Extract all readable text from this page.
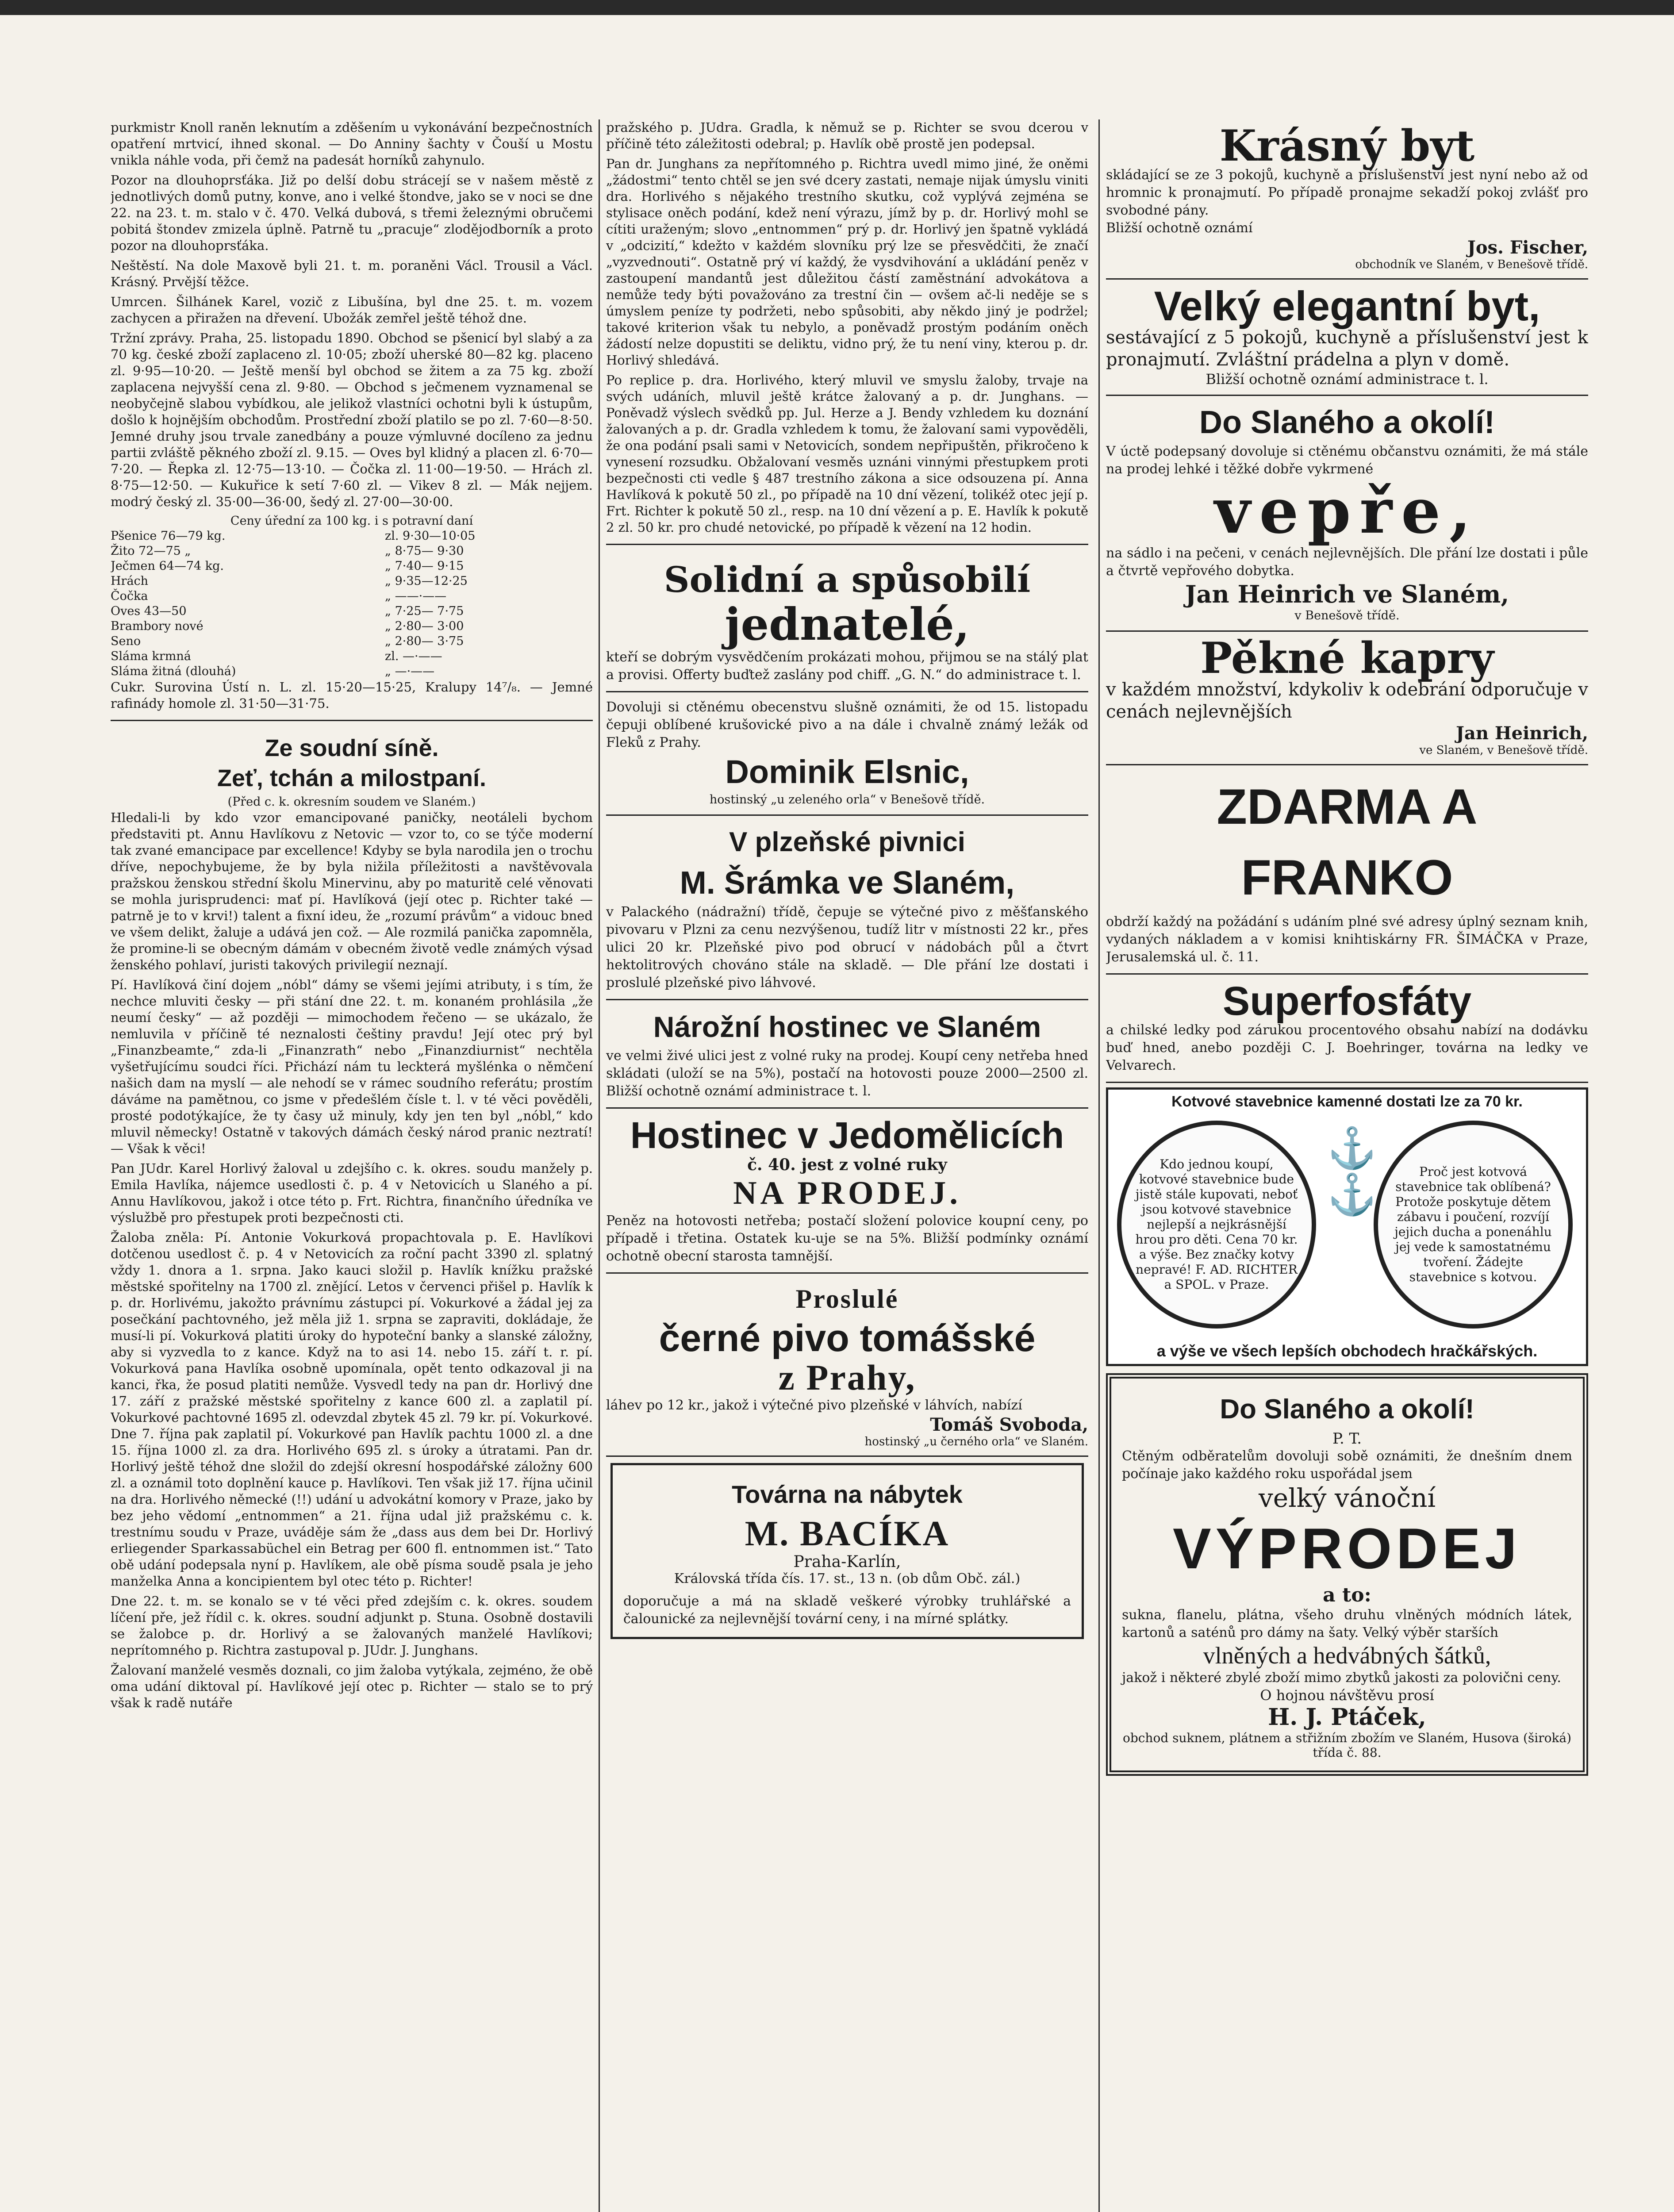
purkmistr Knoll raněn leknutím a zděšením u vykonávání bezpečnostních opatření mrtvicí, ihned skonal. — Do Anniny šachty v Čouší u Mostu vnikla náhle voda, při čemž na padesát horníků zahynulo.

Pozor na dlouhoprsťáka. Již po delší dobu strácejí se v našem městě z jednotlivých domů putny, konve, ano i velké štondve, jako se v noci se dne 22. na 23. t. m. stalo v č. 470. Velká dubová, s třemi železnými obručemi pobitá štondev zmizela úplně. Patrně tu „pracuje“ zlodějodborník a proto pozor na dlouhoprsťáka.

Neštěstí. Na dole Maxově byli 21. t. m. poraněni Václ. Trousil a Václ. Krásný. Prvější těžce.

Umrcen. Šilhánek Karel, vozič z Libušína, byl dne 25. t. m. vozem zachycen a přiražen na dřevení. Ubožák zemřel ještě téhož dne.

Tržní zprávy. Praha, 25. listopadu 1890. Obchod se pšenicí byl slabý a za 70 kg. české zboží zaplaceno zl. 10·05; zboží uherské 80—82 kg. placeno zl. 9·95—10·20. — Ještě menší byl obchod se žitem a za 75 kg. zboží zaplacena nejvyšší cena zl. 9·80. — Obchod s ječmenem vyznamenal se neobyčejně slabou vybídkou, ale jelikož vlastníci ochotni byli k ústupům, došlo k hojnějším obchodům. Prostřední zboží platilo se po zl. 7·60—8·50. Jemné druhy jsou trvale zanedbány a pouze výmluvné docílenо za jednu partii zvláště pěkného zboží zl. 9.15. — Oves byl klidný a placen zl. 6·70—7·20. — Řepka zl. 12·75—13·10. — Čočka zl. 11·00—19·50. — Hrách zl. 8·75—12·50. — Kukuřice k setí 7·60 zl. — Vikev 8 zl. — Mák nejjem. modrý český zl. 35·00—36·00, šedý zl. 27·00—30·00.

Ceny úřední za 100 kg. i s potravní daní
Pšenice 76—79 kg.	zl. 9·30—10·05
Žito 72—75 „	„ 8·75— 9·30
Ječmen 64—74 kg.	„ 7·40— 9·15
Hrách	„ 9·35—12·25
Čočka	„ ——·——
Oves 43—50	„ 7·25— 7·75
Brambory nové	„ 2·80— 3·00
Seno	„ 2·80— 3·75
Sláma krmná	zl. —·——
Sláma žitná (dlouhá)	„ —·——

Cukr. Surovina Ústí n. L. zl. 15·20—15·25, Kralupy 14⁷/₈. — Jemné rafinády homole zl. 31·50—31·75.

Ze soudní síně.
Zeť, tchán a milostpaní.
(Před c. k. okresním soudem ve Slaném.)

Hledali-li by kdo vzor emancipované paničky, neotáleli bychom představiti pt. Annu Havlíkovu z Netovic — vzor to, co se týče moderní tak zvané emancipace par excellence! Kdyby se byla narodila jen o trochu dříve, nepochybujeme, že by byla nižila příležitosti a navštěvovala pražskou ženskou střední školu Minervinu, aby po maturitě celé věnovati se mohla jurisprudenci: mať pí. Havlíková (její otec p. Richter také — patrně je to v krvi!) talent a fixní ideu, že „rozumí právům“ a vidouc bned ve všem delikt, žaluje a udává jen což. — Ale rozmilá panička zapomněla, že promine-li se obecným dámám v obecném životě vedle známých výsad ženského pohlaví, juristi takových privilegií neznají.

Pí. Havlíková činí dojem „nóbl“ dámy se všemi jejími atributy, i s tím, že nechce mluviti česky — při stání dne 22. t. m. konaném prohlásila „že neumí česky“ — až později — mimochodem řečeno — se ukázalo, že nemluvila v příčině té neznalosti češtiny pravdu! Její otec prý byl „Finanzbeamte,“ zda-li „Finanzrath“ nebo „Finanzdiurnist“ nechtěla vyšetřujícímu soudci říci. Přichází nám tu leckterá myšlénka o němčení našich dam na myslí — ale nehodí se v rámec soudního referátu; prostím dáváme na pamětnou, co jsme v předešlém čísle t. l. v té věci pověděli, prosté podotýkajíce, že ty časy už minuly, kdy jen ten byl „nóbl,“ kdo mluvil německy! Ostatně v takových dámách český národ pranic neztratí! — Však k věci!

Pan JUdr. Karel Horlivý žaloval u zdejšího c. k. okres. soudu manžely p. Emila Havlíka, nájemce usedlosti č. p. 4 v Netovicích u Slaného a pí. Annu Havlíkovou, jakož i otce této p. Frt. Richtra, finančního úředníka ve výslužbě pro přestupek proti bezpečnosti cti.

Žaloba zněla: Pí. Antonie Vokurková propachtovala p. E. Havlíkovi dotčenou usedlost č. p. 4 v Netovicích za roční pacht 3390 zl. splatný vždy 1. dnora a 1. srpna. Jako kauci složil p. Havlík knížku pražské městské spořitelny na 1700 zl. znějící. Letos v červenci přišel p. Havlík k p. dr. Horlivému, jakožto právnímu zástupci pí. Vokurkové a žádal jej za posečkání pachtovného, jež měla již 1. srpna se zapraviti, dokládaje, že musí-li pí. Vokurková platiti úroky do hypoteční banky a slanské záložny, aby si vyzvedla to z kance. Když na to asi 14. nebo 15. září t. r. pí. Vokurková pana Havlíka osobně upomínala, opět tento odkazoval ji na kanci, řka, že posud platiti nemůže. Vysvedl tedy na pan dr. Horlivý dne 17. září z pražské městské spořitelny z kance 600 zl. a zaplatil pí. Vokurkové pachtovné 1695 zl. odevzdal zbytek 45 zl. 79 kr. pí. Vokurkové. Dne 7. října pak zaplatil pí. Vokurkové pan Havlík pachtu 1000 zl. a dne 15. října 1000 zl. za dra. Horlivého 695 zl. s úroky a útratami. Pan dr. Horlivý ještě téhož dne složil do zdejší okresní hospodářské záložny 600 zl. a oznámil toto doplnění kauce p. Havlíkovi. Ten však již 17. října učinil na dra. Horlivého německé (!!) udání u advokátní komory v Praze, jako by bez jeho vědomí „entnommen“ a 21. října udal již pražskému c. k. trestnímu soudu v Praze, uváděje sám že „dass aus dem bei Dr. Horlivý erliegender Sparkassabüchel ein Betrag per 600 fl. entnommen ist.“ Tato obě udání podepsala nyní p. Havlíkem, ale obě písma soudě psala je jeho manželka Anna a koncipientem byl otec této p. Richter!

Dne 22. t. m. se konalo se v té věci před zdejším c. k. okres. soudem líčení pře, jež řídil c. k. okres. soudní adjunkt p. Stuna. Osobně dostavili se žalobce p. dr. Horlivý a se žalovaných manželé Havlíkovi; neprítomného p. Richtra zastupoval p. JUdr. J. Junghans.

Žalovaní manželé vesměs doznali, co jim žaloba vytýkala, zejméno, že obě oma udání diktoval pí. Havlíkové její otec p. Richter — stalo se to prý však k radě nutáře

pražského p. JUdra. Gradla, k němuž se p. Richter se svou dcerou v příčině této záležitosti odebral; p. Havlík obě prostě jen podepsal.

Pan dr. Junghans za nepřítomného p. Richtra uvedl mimo jiné, že oněmi „žádostmi“ tento chtěl se jen své dcery zastati, nemaje nijak úmyslu viniti dra. Horlivého s nějakého trestního skutku, což vyplývá zejména se stylisace oněch podání, kdež není výrazu, jímž by p. dr. Horlivý mohl se cítiti uraženým; slovo „entnommen“ prý p. dr. Horlivý jen špatně vykládá v „odcizití,“ kdežto v každém slovníku prý lze se přesvědčiti, že značí „vyzvednouti“. Ostatně prý ví každý, že vysdvihování a ukládání peněz v zastoupení mandantů jest důležitou částí zaměstnání advokátova a nemůže tedy býti považováno za trestní čin — ovšem ač-li neděje se s úmyslem peníze ty podržeti, nebo spůsobiti, aby někdo jiný je podržel; takové kriterion však tu nebylo, a poněvadž prostým podáním oněch žádostí nelze dopustiti se deliktu, vidno prý, že tu není viny, kterou p. dr. Horlivý shledává.

Po replice p. dra. Horlivého, který mluvil ve smyslu žaloby, trvaje na svých udáních, mluvil ještě krátce žalovaný a p. dr. Junghans. — Poněvadž výslech svědků pp. Jul. Herze a J. Bendy vzhledem ku doznání žalovaných a p. dr. Gradla vzhledem k tomu, že žalovaní sami vypověděli, že ona podání psali sami v Netovicích, sondem nepřipuštěn, přikročeno k vynesení rozsudku. Obžalovaní vesměs uznáni vinnými přestupkem proti bezpečnosti cti vedle § 487 trestního zákona a sice odsouzena pí. Anna Havlíková k pokutě 50 zl., po případě na 10 dní vězení, tolikéž otec její p. Frt. Richter k pokutě 50 zl., resp. na 10 dní vězení a p. E. Havlík k pokutě 2 zl. 50 kr. pro chudé netovické, po případě k vězení na 12 hodin.

Solidní a spůsobilí
jednatelé,
kteří se dobrým vysvědčením prokázati mohou, přijmou se na stálý plat a provisi. Offerty buďtež zaslány pod chiff. „G. N.“ do administrace t. l.
Dovoluji si ctěnému obecenstvu slušně oznámiti, že od 15. listopadu čepuji oblíbené krušovické pivo a na dále i chvalně známý ležák od Fleků z Prahy.
Dominik Elsnic,
hostinský „u zeleného orla“ v Benešově třídě.
V plzeňské pivnici
M. Šrámka ve Slaném,
v Palackého (nádražní) třídě, čepuje se výtečné pivo z měšťanského pivovaru v Plzni za cenu nezvýšenou, tudíž litr v místnosti 22 kr., přes ulici 20 kr. Plzeňské pivo pod obrucí v nádobách půl a čtvrt hektolitrových chováno stále na skladě. — Dle přání lze dostati i proslulé plzeňské pivo láhvové.
Nárožní hostinec ve Slaném
ve velmi živé ulici jest z volné ruky na prodej. Koupí ceny netřeba hned skládati (uloží se na 5%), postačí na hotovosti pouze 2000—2500 zl. Bližší ochotně oznámí administrace t. l.
Hostinec v Jedomělicích
č. 40. jest z volné ruky
NA PRODEJ.
Peněz na hotovosti netřeba; postačí složení polovice koupní ceny, po případě i třetina. Ostatek ku-uje se na 5%. Bližší podmínky oznámí ochotně obecní starosta tamnější.
Proslulé
černé pivo tomášské
z Prahy,
láhev po 12 kr., jakož i výtečné pivo plzeňské v láhvích, nabízí
Tomáš Svoboda,
hostinský „u černého orla“ ve Slaném.
Továrna na nábytek
M. BACÍKA
Praha-Karlín,
Královská třída čís. 17. st., 13 n. (ob dům Obč. zál.)
doporučuje a má na skladě veškeré výrobky truhlářské a čalounické za nejlevnější tovární ceny, i na mírné splátky.
Krásný byt
skládající se ze 3 pokojů, kuchyně a příslušenství jest nyní nebo až od hromnic k pronajmutí. Po případě pronajme sekadží pokoj zvlášť pro svobodné pány.
Bližší ochotně oznámí
Jos. Fischer,
obchodník ve Slaném, v Benešově třídě.
Velký elegantní byt,
sestávající z 5 pokojů, kuchyně a příslušenství jest k pronajmutí. Zvláštní prádelna a plyn v domě.
Bližší ochotně oznámí administrace t. l.
Do Slaného a okolí!
V úctě podepsaný dovoluje si ctěnému občanstvu oznámiti, že má stále na prodej lehké i těžké dobře vykrmené
vepře,
na sádlo i na pečeni, v cenách nejlevnějších. Dle přání lze dostati i půle a čtvrtě vepřového dobytka.
Jan Heinrich ve Slaném,
v Benešově třídě.
Pěkné kapry
v každém množství, kdykoliv k odebrání odporučuje v cenách nejlevnějších
Jan Heinrich,
ve Slaném, v Benešově třídě.
ZDARMA A FRANKO
obdrží každý na požádání s udáním plné své adresy úplný seznam knih, vydaných nákladem a v komisi knihtiskárny FR. ŠIMÁČKA v Praze, Jerusalemská ul. č. 11.
Superfosfáty
a chilské ledky pod zárukou procentového obsahu nabízí na dodávku buď hned, anebo později C. J. Boehringer, továrna na ledky ve Velvarech.
Kotvové stavebnice kamenné dostati lze za 70 kr.
Kdo jednou koupí, kotvové stavebnice bude jistě stále kupovati, neboť jsou kotvové stavebnice nejlepší a nejkrásnější hrou pro děti. Cena 70 kr. a výše. Bez značky kotvy nepravé! F. AD. RICHTER a SPOL. v Praze.
⚓
⚓	Proč jest kotvová stavebnice tak oblíbená? Protože poskytuje dětem zábavu i poučení, rozvíjí jejich ducha a ponenáhlu jej vede k samostatnému tvoření. Žádejte stavebnice s kotvou.
a výše ve všech lepších obchodech hračkářských.
Do Slaného a okolí!
P. T.
Ctěným odběratelům dovoluji sobě oznámiti, že dnešním dnem počínaje jako každého roku uspořádal jsem
velký vánoční
VÝPRODEJ
a to:
sukna, flanelu, plátna, všeho druhu vlněných módních látek, kartonů a saténů pro dámy na šaty. Velký výběr starších
vlněných a hedvábných šátků,
jakož i některé zbylé zboží mimo zbytků jakosti za polovični ceny.
O hojnou návštěvu prosí
H. J. Ptáček,
obchod suknem, plátnem a střižním zbožím ve Slaném, Husova (široká) třída č. 88.
